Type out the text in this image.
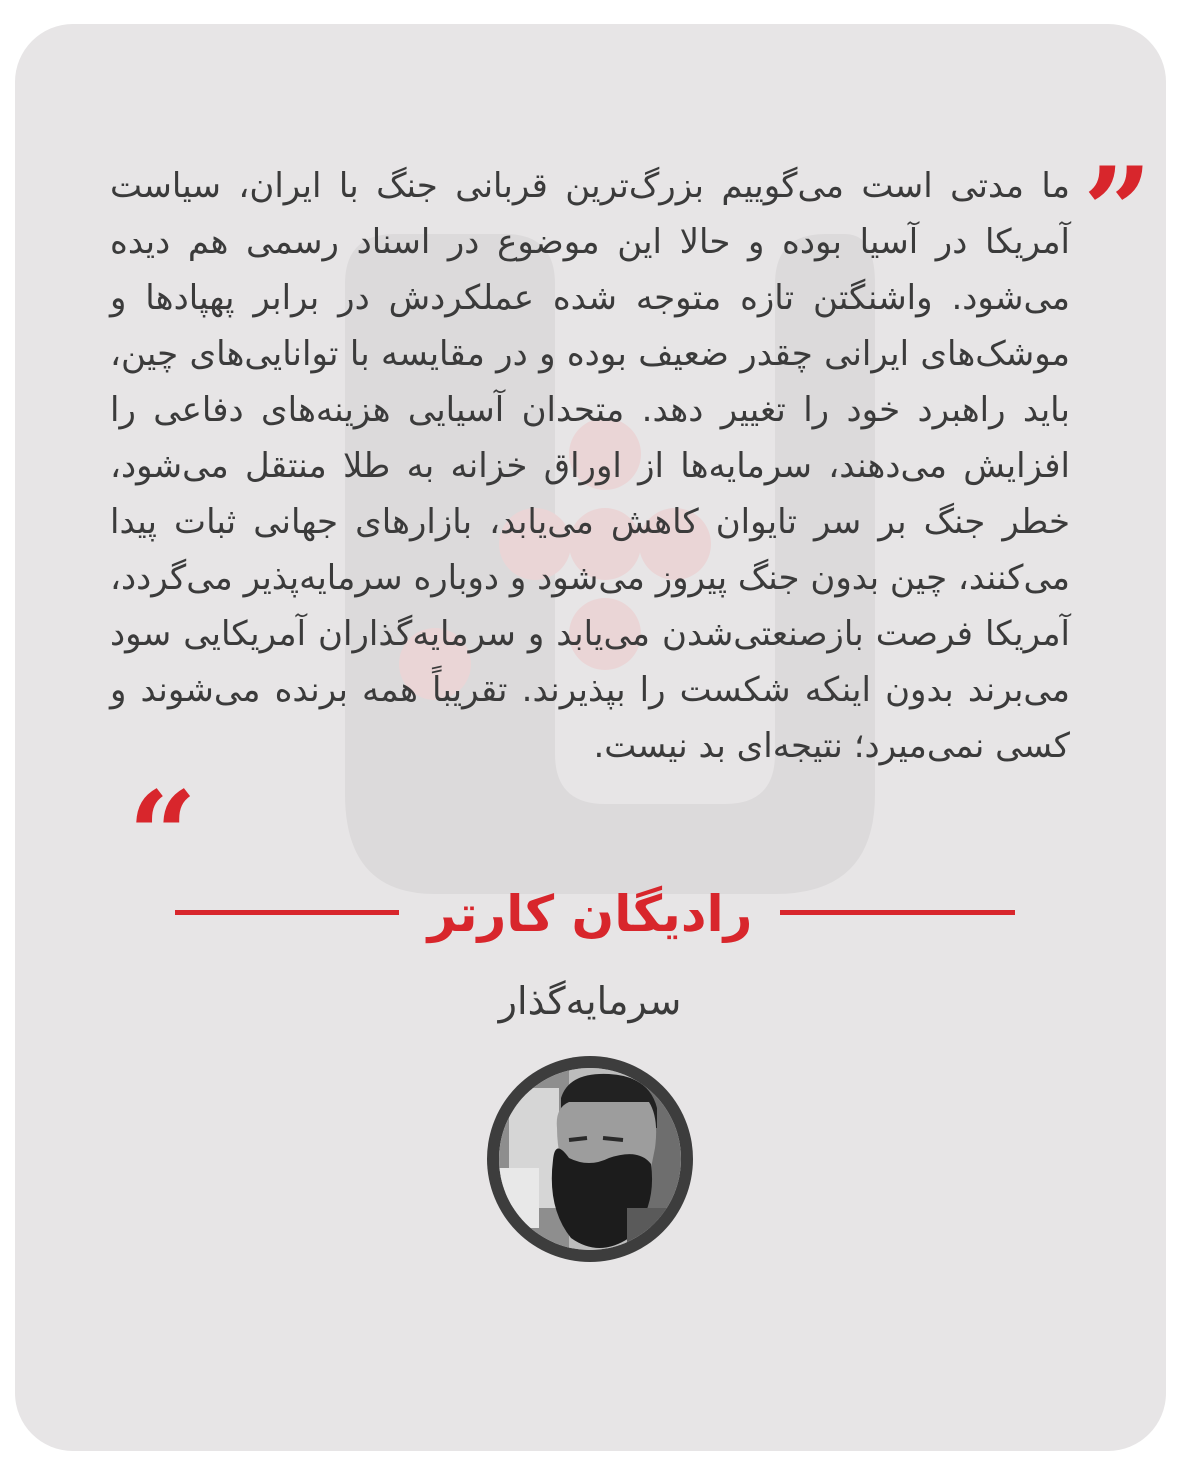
”
ما مدتی است می‌گوییم بزرگ‌ترین قربانی جنگ با ایران، سیاست آمریکا در آسیا بوده و حالا این موضوع در اسناد رسمی هم دیده می‌شود. واشنگتن تازه متوجه شده عملکردش در برابر پهپادها و موشک‌های ایرانی چقدر ضعیف بوده و در مقایسه با توانایی‌های چین، باید راهبرد خود را تغییر دهد. متحدان آسیایی هزینه‌های دفاعی را افزایش می‌دهند، سرمایه‌ها از اوراق خزانه به طلا منتقل می‌شود، خطر جنگ بر سر تایوان کاهش می‌یابد، بازارهای جهانی ثبات پیدا می‌کنند، چین بدون جنگ پیروز می‌شود و دوباره سرمایه‌پذیر می‌گردد، آمریکا فرصت بازصنعتی‌شدن می‌یابد و سرمایه‌گذاران آمریکایی سود می‌برند بدون اینکه شکست را بپذیرند. تقریباً همه برنده می‌شوند و کسی نمی‌میرد؛ نتیجه‌ای بد نیست.
“
رادیگان کارتر
سرمایه‌گذار
